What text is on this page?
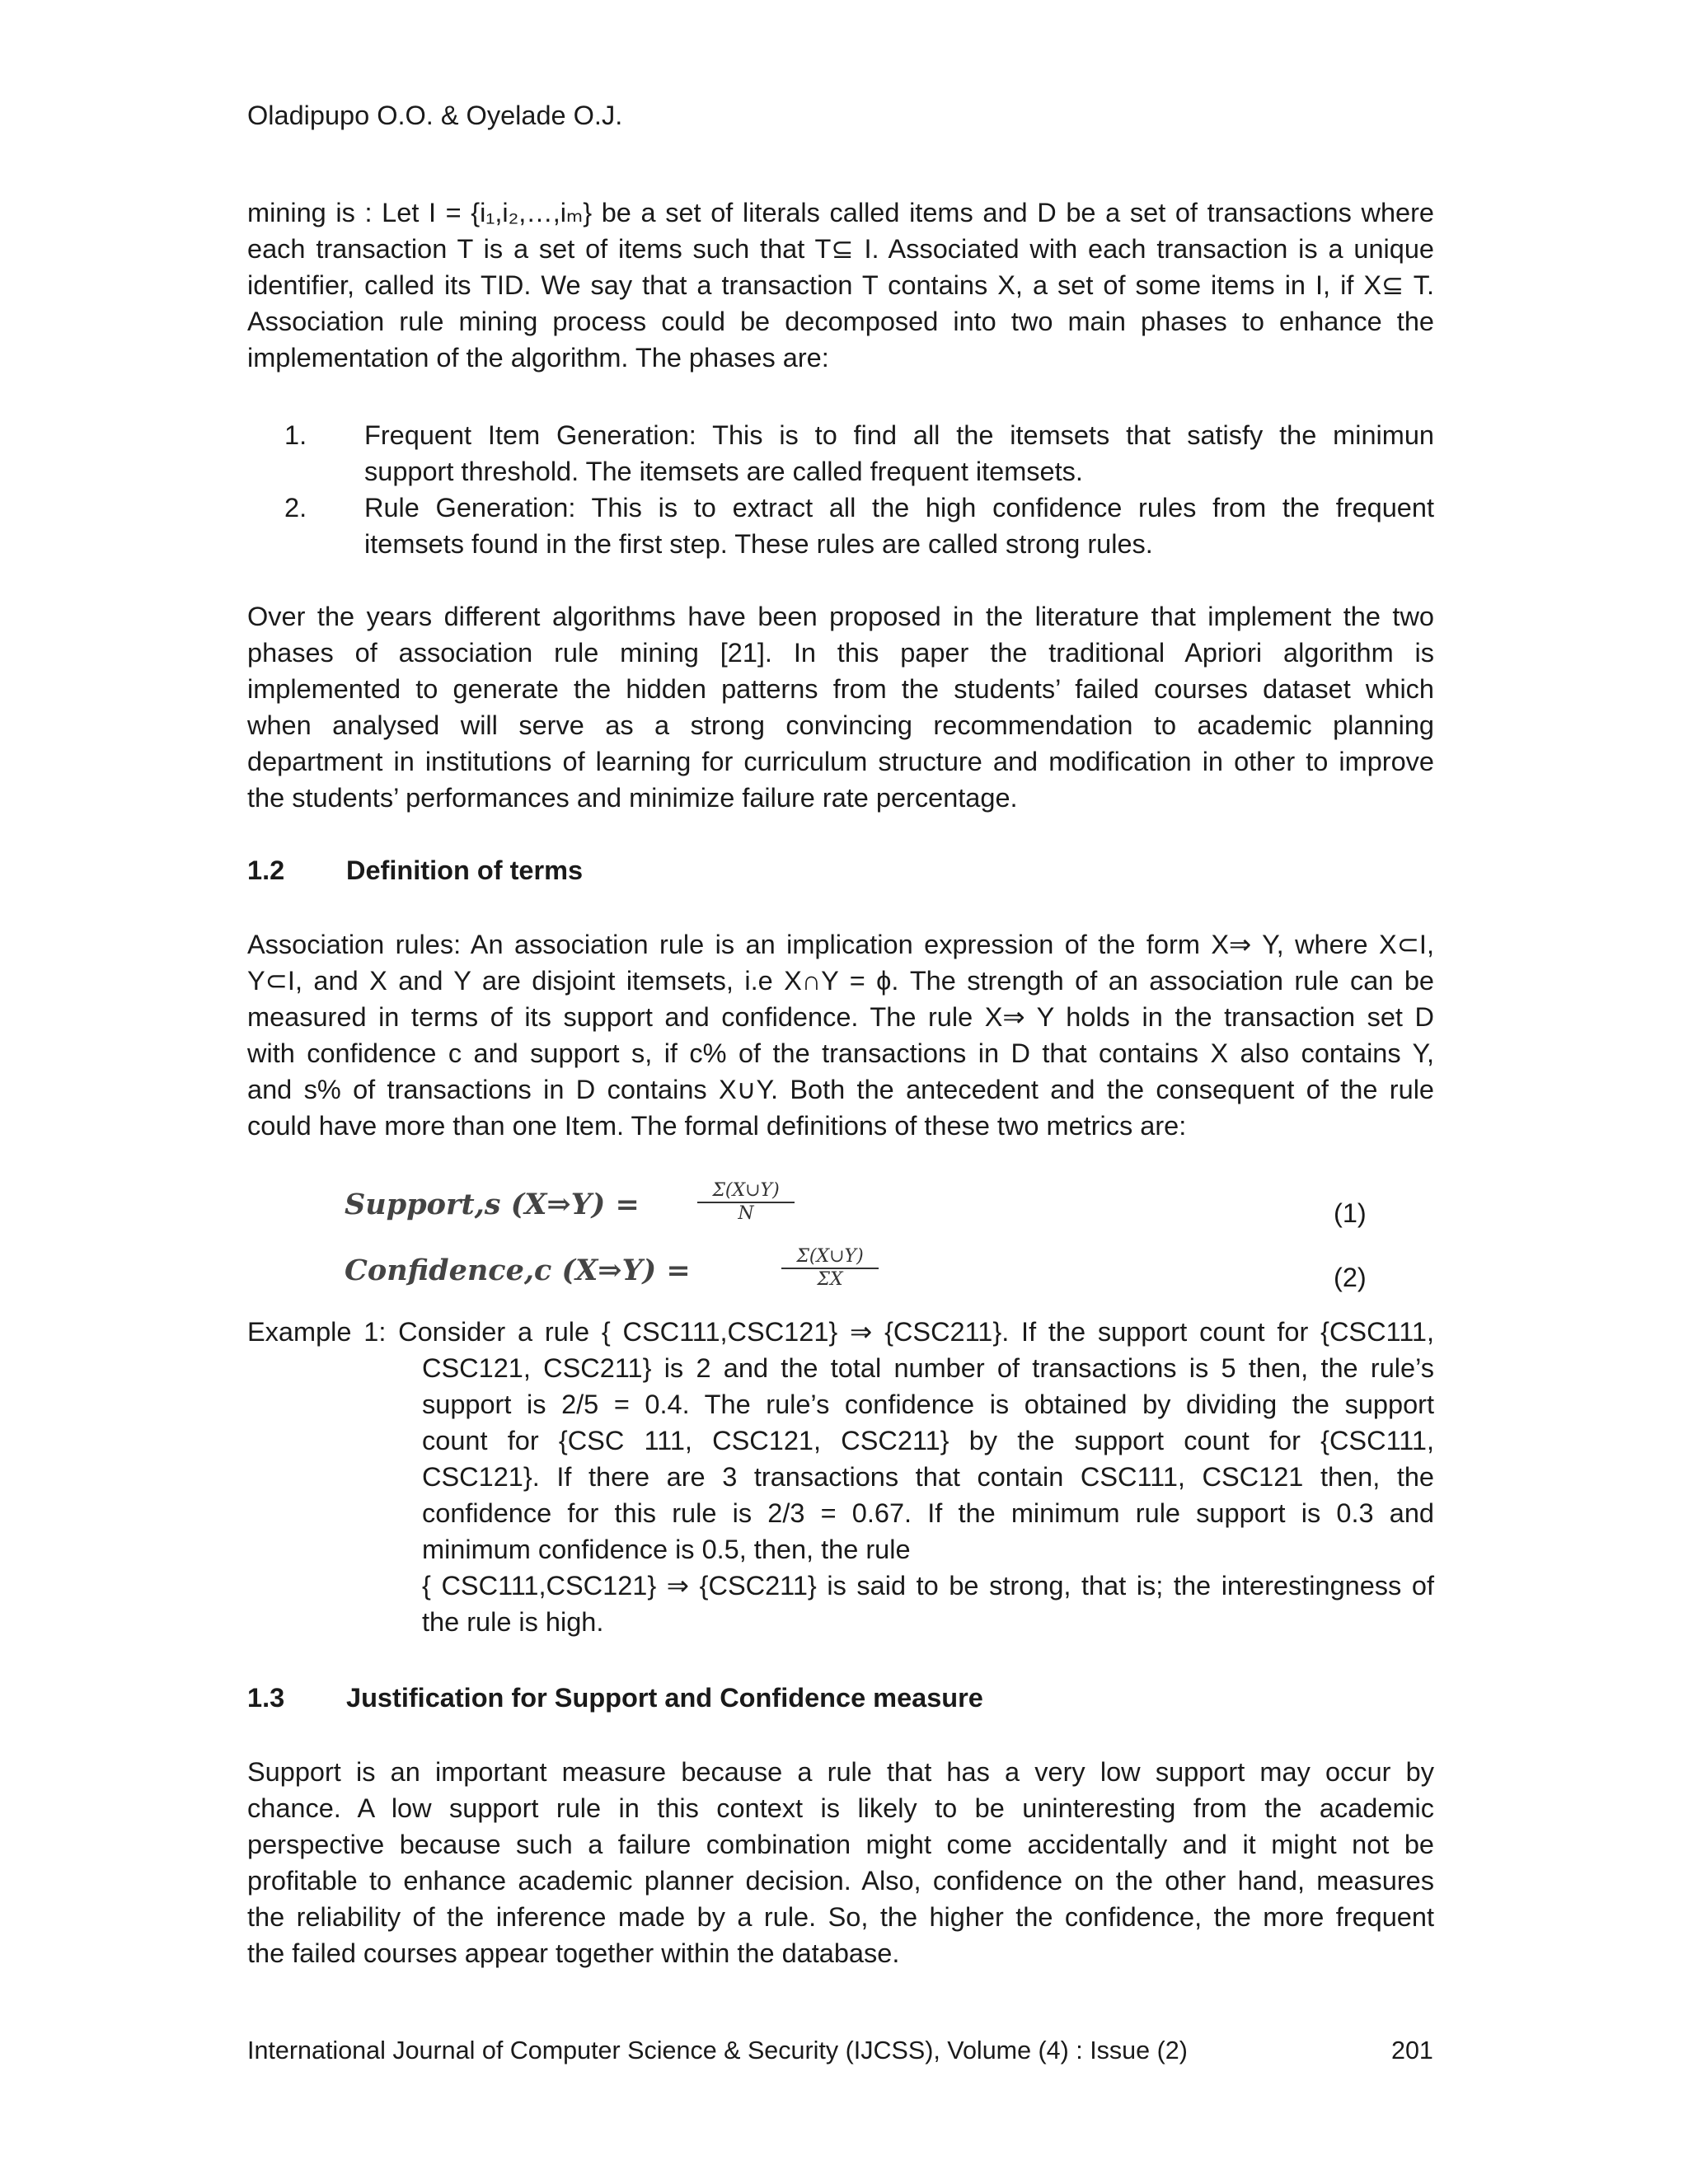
Oladipupo O.O. & Oyelade O.J.
mining is : Let I = {i₁,i₂,…,iₘ} be a set of literals called items and D be a set of transactions where
each transaction T is a set of items such that T⊆ I. Associated with each transaction is a unique
identifier, called its TID. We say that a transaction T contains X, a set of some items in I, if X⊆ T.
Association rule mining process could be decomposed into two main phases to enhance the
implementation of the algorithm. The phases are:
1. Frequent Item Generation: This is to find all the itemsets that satisfy the minimun
support threshold. The itemsets are called frequent itemsets.
2. Rule Generation: This is to extract all the high confidence rules from the frequent
itemsets found in the first step. These rules are called strong rules.
Over the years different algorithms have been proposed in the literature that implement the two
phases of association rule mining [21]. In this paper the traditional Apriori algorithm is
implemented to generate the hidden patterns from the students’ failed courses dataset which
when analysed will serve as a strong convincing recommendation to academic planning
department in institutions of learning for curriculum structure and modification in other to improve
the students’ performances and minimize failure rate percentage.
1.2 Definition of terms
Association rules: An association rule is an implication expression of the form X⇒ Y, where X⊂I,
Y⊂I, and X and Y are disjoint itemsets, i.e X∩Y = ϕ. The strength of an association rule can be
measured in terms of its support and confidence. The rule X⇒ Y holds in the transaction set D
with confidence c and support s, if c% of the transactions in D that contains X also contains Y,
and s% of transactions in D contains X∪Y. Both the antecedent and the consequent of the rule
could have more than one Item. The formal definitions of these two metrics are:
Support,s (X⇒Y) =	$\frac{\Sigma(X\cup Y)}{N}$	(1)
Confidence,c (X⇒Y) =	$\frac{\Sigma(X\cup Y)}{\Sigma X}$	(2)
Example 1: Consider a rule { CSC111,CSC121} ⇒ {CSC211}. If the support count for {CSC111,
CSC121, CSC211} is 2 and the total number of transactions is 5 then, the rule’s
support is 2/5 = 0.4. The rule’s confidence is obtained by dividing the support
count for {CSC 111, CSC121, CSC211} by the support count for {CSC111,
CSC121}. If there are 3 transactions that contain CSC111, CSC121 then, the
confidence for this rule is 2/3 = 0.67. If the minimum rule support is 0.3 and
minimum confidence is 0.5, then, the rule
{ CSC111,CSC121} ⇒ {CSC211} is said to be strong, that is; the interestingness of
the rule is high.
1.3 Justification for Support and Confidence measure
Support is an important measure because a rule that has a very low support may occur by
chance. A low support rule in this context is likely to be uninteresting from the academic
perspective because such a failure combination might come accidentally and it might not be
profitable to enhance academic planner decision. Also, confidence on the other hand, measures
the reliability of the inference made by a rule. So, the higher the confidence, the more frequent
the failed courses appear together within the database.
International Journal of Computer Science & Security (IJCSS), Volume (4) : Issue (2)	201
